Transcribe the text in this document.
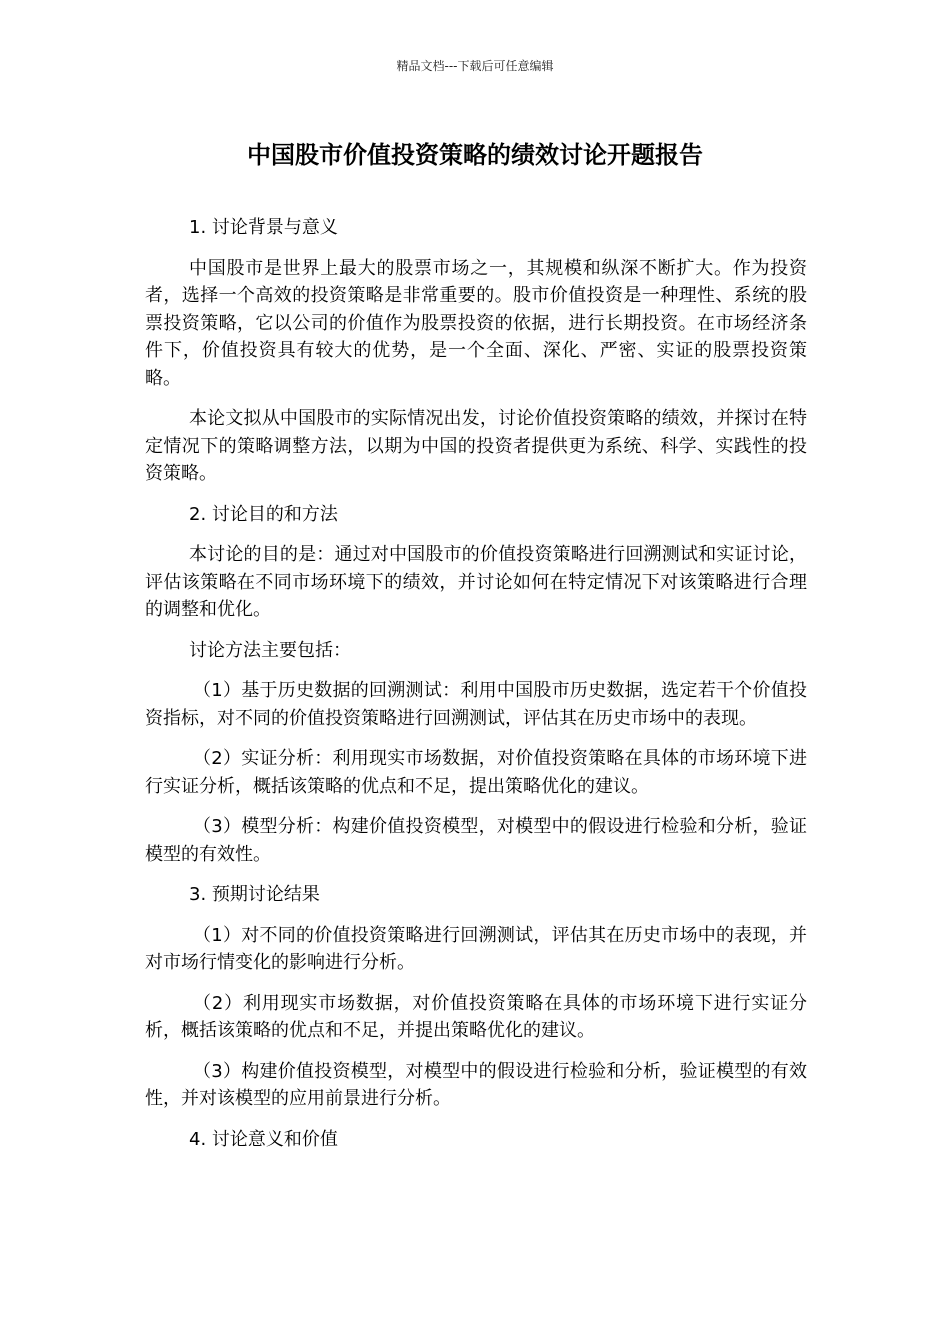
精品文档---下载后可任意编辑
中国股市价值投资策略的绩效讨论开题报告

1. 讨论背景与意义

中国股市是世界上最大的股票市场之一，其规模和纵深不断扩大。作为投资者，选择一个高效的投资策略是非常重要的。股市价值投资是一种理性、系统的股票投资策略，它以公司的价值作为股票投资的依据，进行长期投资。在市场经济条件下，价值投资具有较大的优势，是一个全面、深化、严密、实证的股票投资策略。

本论文拟从中国股市的实际情况出发，讨论价值投资策略的绩效，并探讨在特定情况下的策略调整方法，以期为中国的投资者提供更为系统、科学、实践性的投资策略。

2. 讨论目的和方法

本讨论的目的是：通过对中国股市的价值投资策略进行回溯测试和实证讨论，评估该策略在不同市场环境下的绩效，并讨论如何在特定情况下对该策略进行合理的调整和优化。

讨论方法主要包括：

（1）基于历史数据的回溯测试：利用中国股市历史数据，选定若干个价值投资指标，对不同的价值投资策略进行回溯测试，评估其在历史市场中的表现。

（2）实证分析：利用现实市场数据，对价值投资策略在具体的市场环境下进行实证分析，概括该策略的优点和不足，提出策略优化的建议。

（3）模型分析：构建价值投资模型，对模型中的假设进行检验和分析，验证模型的有效性。

3. 预期讨论结果

（1）对不同的价值投资策略进行回溯测试，评估其在历史市场中的表现，并对市场行情变化的影响进行分析。

（2）利用现实市场数据，对价值投资策略在具体的市场环境下进行实证分析，概括该策略的优点和不足，并提出策略优化的建议。

（3）构建价值投资模型，对模型中的假设进行检验和分析，验证模型的有效性，并对该模型的应用前景进行分析。

4. 讨论意义和价值
